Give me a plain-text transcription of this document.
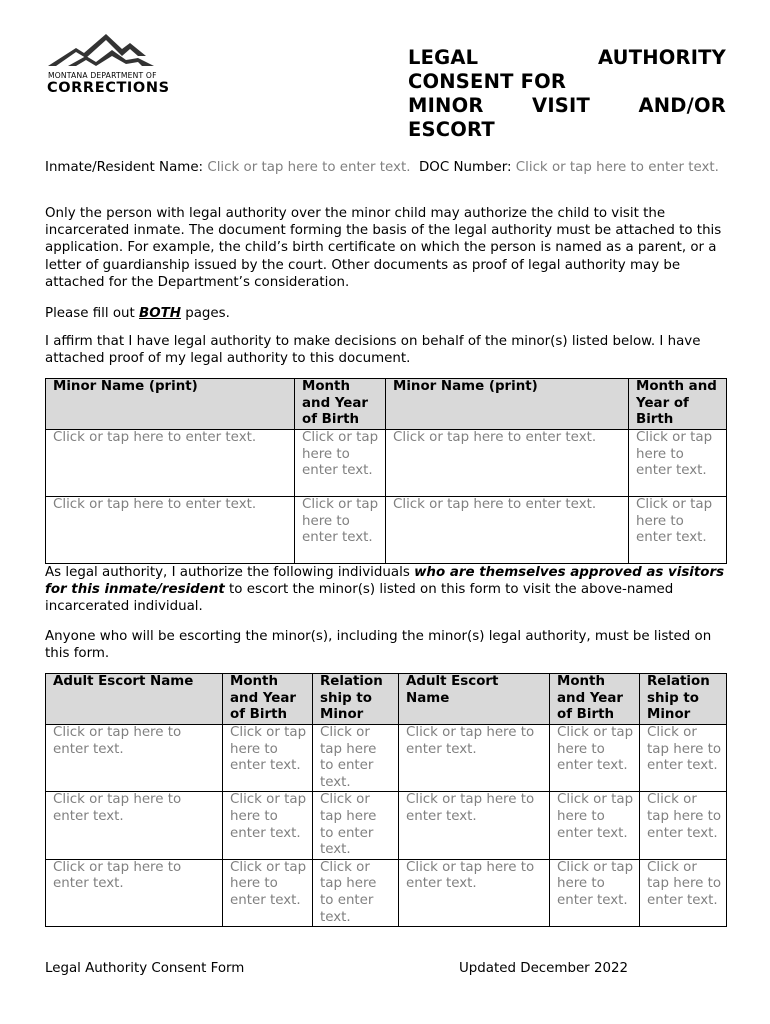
MONTANA DEPARTMENT OF
CORRECTIONS
LEGAL	AUTHORITY
CONSENT FOR
MINOR VISIT AND/OR
ESCORT
Inmate/Resident Name: Click or tap here to enter text. DOC Number: Click or tap here to enter text.
Only the person with legal authority over the minor child may authorize the child to visit the incarcerated inmate. The document forming the basis of the legal authority must be attached to this application. For example, the child’s birth certificate on which the person is named as a parent, or a letter of guardianship issued by the court. Other documents as proof of legal authority may be attached for the Department’s consideration.
Please fill out BOTH pages.
I affirm that I have legal authority to make decisions on behalf of the minor(s) listed below. I have attached proof of my legal authority to this document.
Minor Name (print)	Month and Year of Birth	Minor Name (print)	Month and Year of Birth
Click or tap here to enter text.	Click or tap here to enter text.	Click or tap here to enter text.	Click or tap here to enter text.
Click or tap here to enter text.	Click or tap here to enter text.	Click or tap here to enter text.	Click or tap here to enter text.
As legal authority, I authorize the following individuals who are themselves approved as visitors for this inmate/resident to escort the minor(s) listed on this form to visit the above-named incarcerated individual.
Anyone who will be escorting the minor(s), including the minor(s) legal authority, must be listed on this form.
Adult Escort Name	Month and Year of Birth	Relation ship to Minor	Adult Escort Name	Month and Year of Birth	Relation ship to Minor
Click or tap here to enter text.	Click or tap here to enter text.	Click or tap here to enter text.	Click or tap here to enter text.	Click or tap here to enter text.	Click or tap here to enter text.
Click or tap here to enter text.	Click or tap here to enter text.	Click or tap here to enter text.	Click or tap here to enter text.	Click or tap here to enter text.	Click or tap here to enter text.
Click or tap here to enter text.	Click or tap here to enter text.	Click or tap here to enter text.	Click or tap here to enter text.	Click or tap here to enter text.	Click or tap here to enter text.
Legal Authority Consent Form	Updated December 2022
